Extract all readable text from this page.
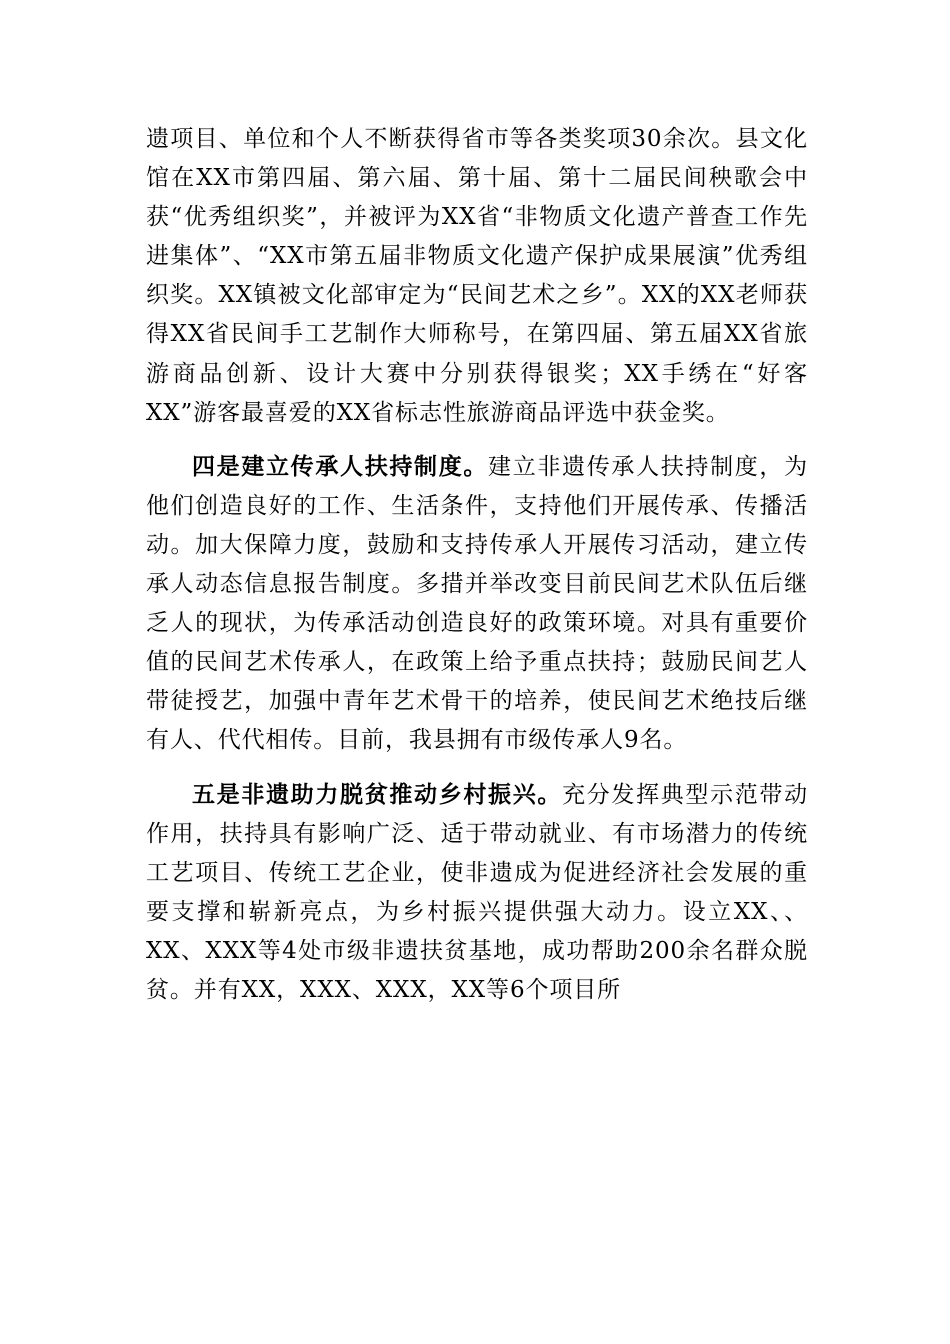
遗项目、单位和个人不断获得省市等各类奖项30余次。县文化馆在XX市第四届、第六届、第十届、第十二届民间秧歌会中获“优秀组织奖”，并被评为XX省“非物质文化遗产普查工作先进集体”、“XX市第五届非物质文化遗产保护成果展演”优秀组织奖。XX镇被文化部审定为“民间艺术之乡”。XX的XX老师获得XX省民间手工艺制作大师称号，在第四届、第五届XX省旅游商品创新、设计大赛中分别获得银奖；XX手绣在“好客XX”游客最喜爱的XX省标志性旅游商品评选中获金奖。

四是建立传承人扶持制度。建立非遗传承人扶持制度，为他们创造良好的工作、生活条件，支持他们开展传承、传播活动。加大保障力度，鼓励和支持传承人开展传习活动，建立传承人动态信息报告制度。多措并举改变目前民间艺术队伍后继乏人的现状，为传承活动创造良好的政策环境。对具有重要价值的民间艺术传承人，在政策上给予重点扶持；鼓励民间艺人带徒授艺，加强中青年艺术骨干的培养，使民间艺术绝技后继有人、代代相传。目前，我县拥有市级传承人9名。

五是非遗助力脱贫推动乡村振兴。充分发挥典型示范带动作用，扶持具有影响广泛、适于带动就业、有市场潜力的传统工艺项目、传统工艺企业，使非遗成为促进经济社会发展的重要支撑和崭新亮点，为乡村振兴提供强大动力。设立XX、、XX、XXX等4处市级非遗扶贫基地，成功帮助200余名群众脱贫。并有XX，XXX、XXX，XX等6个项目所
